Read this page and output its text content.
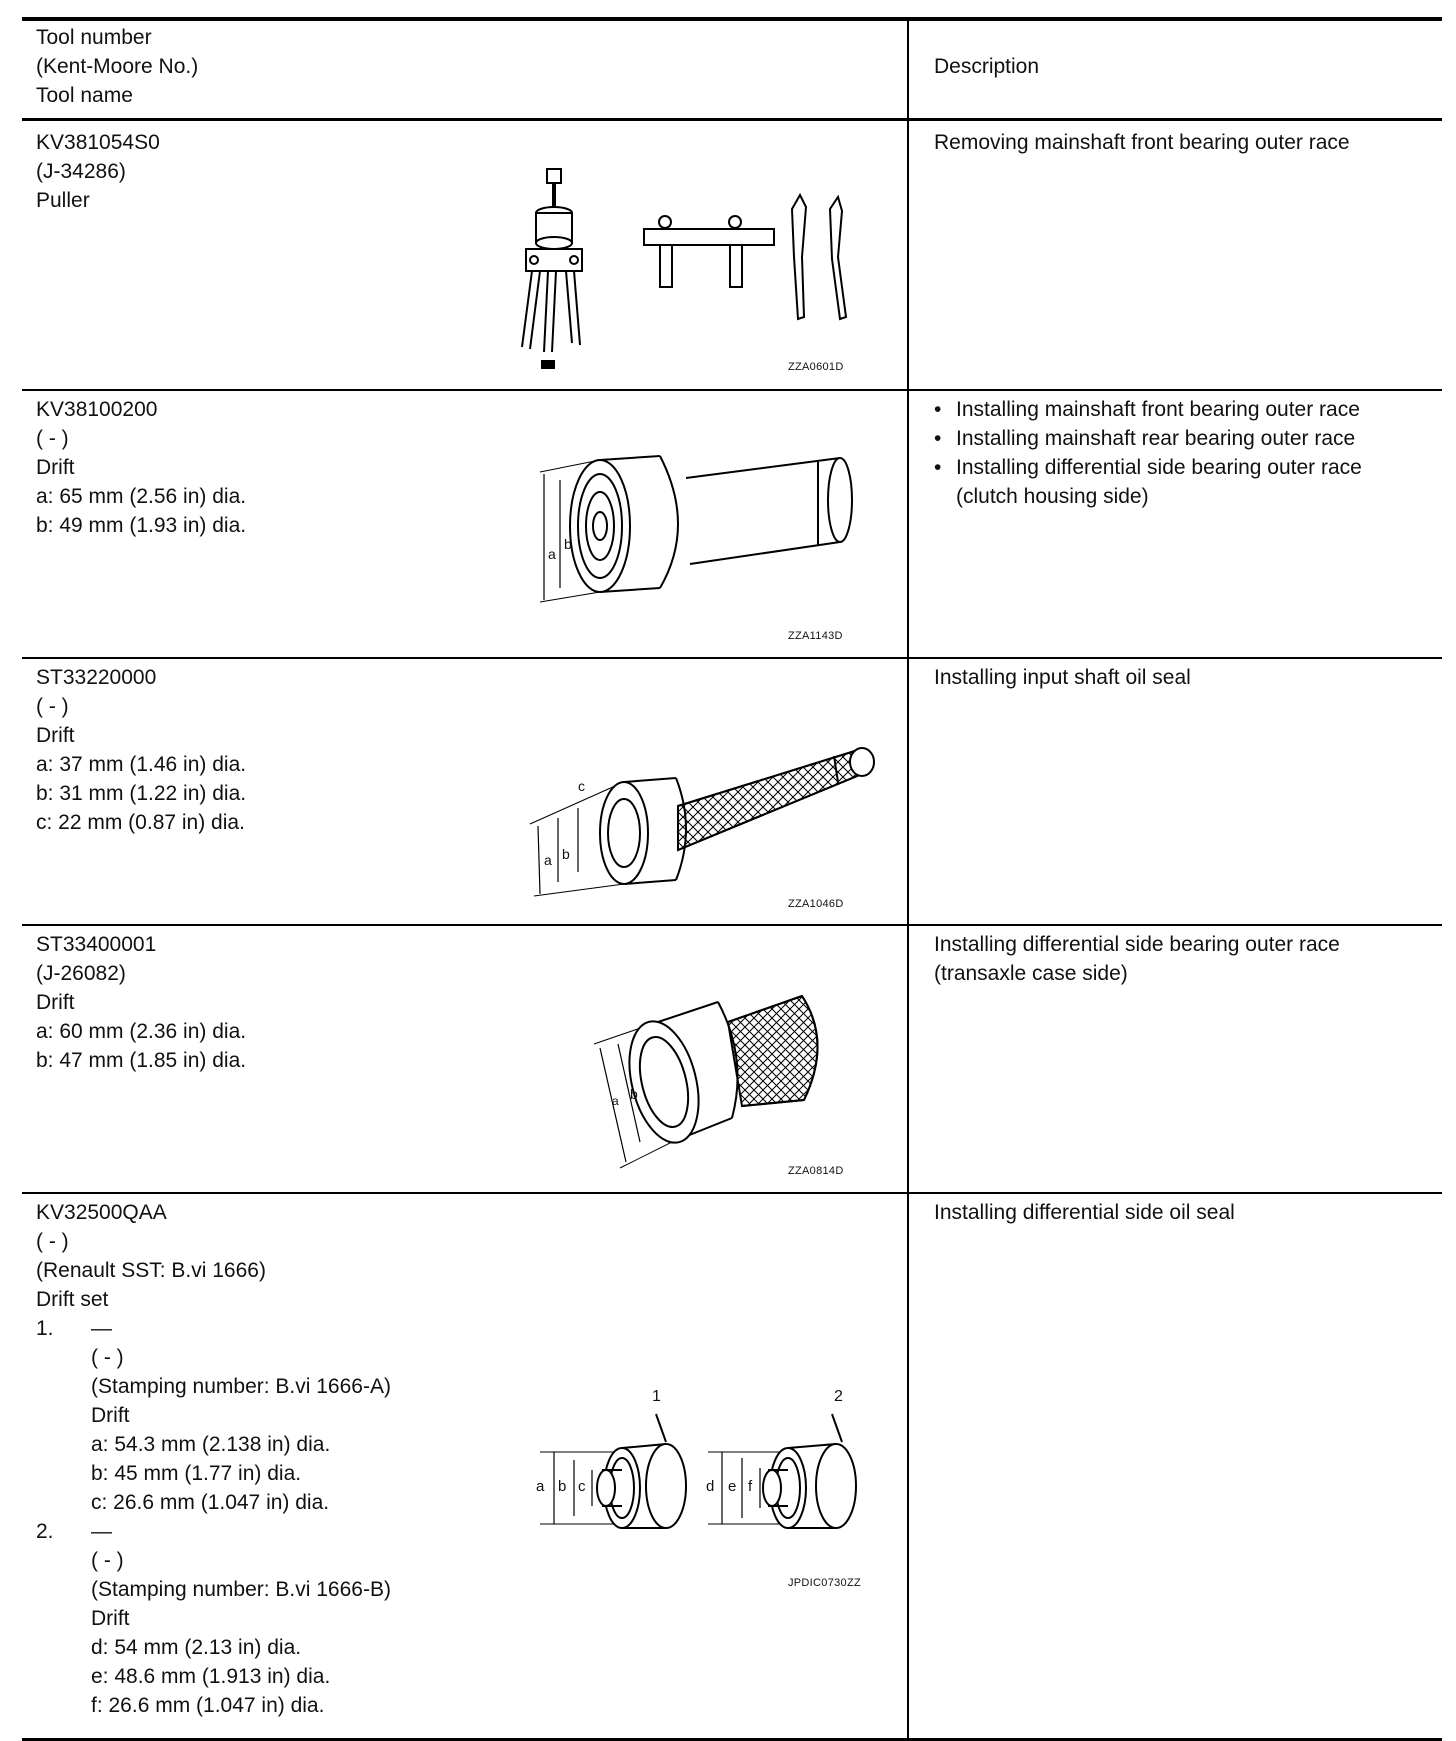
Tool number
(Kent-Moore No.)
Tool name
Description
KV381054S0
(J-34286)
Puller
ZZA0601D
Removing mainshaft front bearing outer race
KV38100200
( - )
Drift
a: 65 mm (2.56 in) dia.
b: 49 mm (1.93 in) dia.
a
b
ZZA1143D
• Installing mainshaft front bearing outer race
• Installing mainshaft rear bearing outer race
• Installing differential side bearing outer race
(clutch housing side)
ST33220000
( - )
Drift
a: 37 mm (1.46 in) dia.
b: 31 mm (1.22 in) dia.
c: 22 mm (0.87 in) dia.
c
a b
ZZA1046D
Installing input shaft oil seal
ST33400001
(J-26082)
Drift
a: 60 mm (2.36 in) dia.
b: 47 mm (1.85 in) dia.
a b
ZZA0814D
Installing differential side bearing outer race
(transaxle case side)
KV32500QAA
( - )
(Renault SST: B.vi 1666)
Drift set
1. —
( - )
(Stamping number: B.vi 1666-A)
Drift
a: 54.3 mm (2.138 in) dia.
b: 45 mm (1.77 in) dia.
c: 26.6 mm (1.047 in) dia.
2. —
( - )
(Stamping number: B.vi 1666-B)
Drift
d: 54 mm (2.13 in) dia.
e: 48.6 mm (1.913 in) dia.
f: 26.6 mm (1.047 in) dia.
1	2
a b c	d e f
JPDIC0730ZZ
Installing differential side oil seal
